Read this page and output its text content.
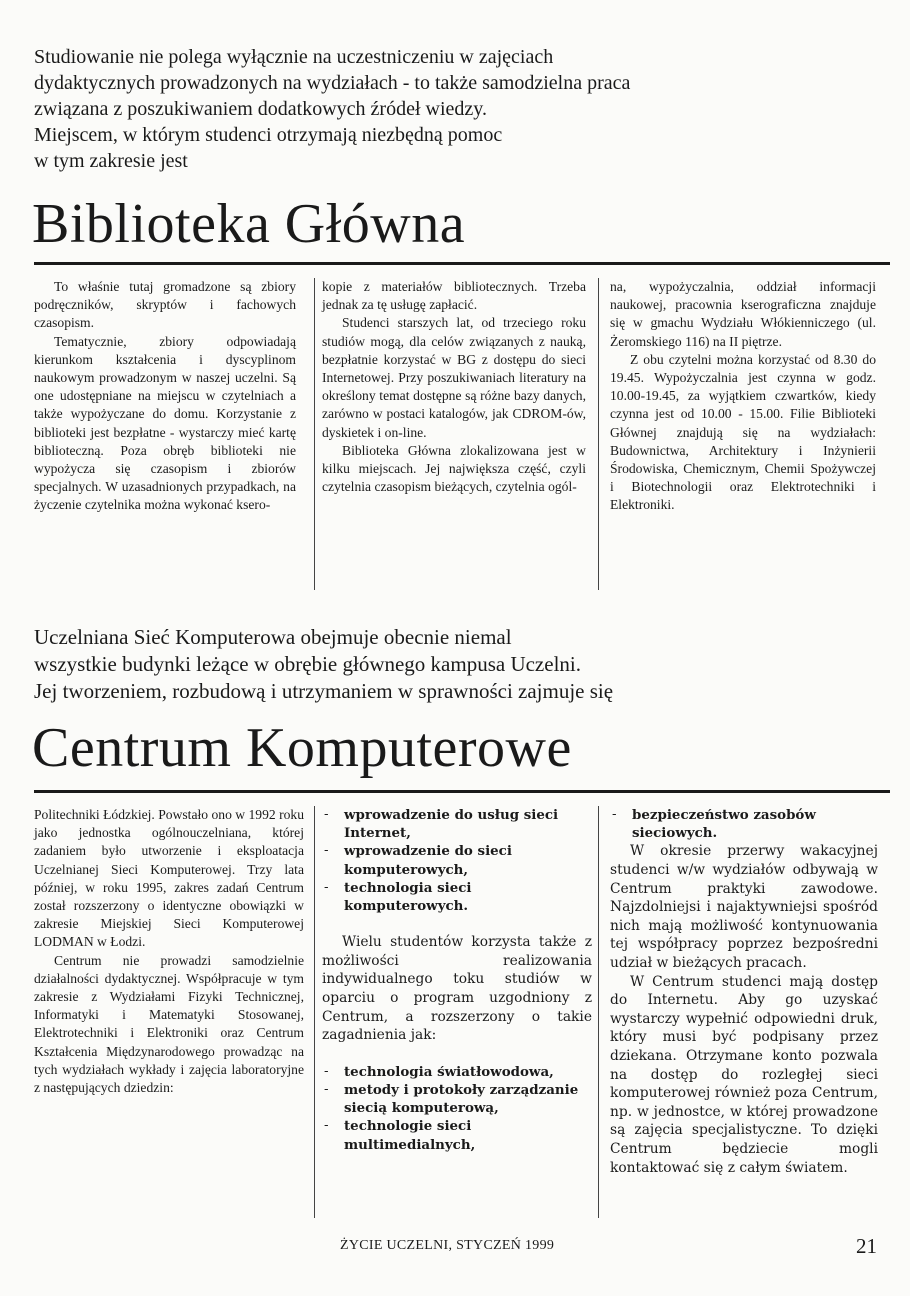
Studiowanie nie polega wyłącznie na uczestniczeniu w zajęciach
dydaktycznych prowadzonych na wydziałach - to także samodzielna praca
związana z poszukiwaniem dodatkowych źródeł wiedzy.
Miejscem, w którym studenci otrzymają niezbędną pomoc
w tym zakresie jest
Biblioteka Główna

To właśnie tutaj gromadzone są zbiory podręczników, skryptów i fachowych czasopism.

Tematycznie, zbiory odpowiadają kierunkom kształcenia i dyscyplinom naukowym prowadzonym w naszej uczelni. Są one udostępniane na miejscu w czytelniach a także wypożyczane do domu. Korzystanie z biblioteki jest bezpłatne - wystarczy mieć kartę biblioteczną. Poza obręb biblioteki nie wypożycza się czasopism i zbiorów specjalnych. W uzasadnionych przypadkach, na życzenie czytelnika można wykonać ksero-

kopie z materiałów bibliotecznych. Trzeba jednak za tę usługę zapłacić.

Studenci starszych lat, od trzeciego roku studiów mogą, dla celów związanych z nauką, bezpłatnie korzystać w BG z dostępu do sieci Internetowej. Przy poszukiwaniach literatury na określony temat dostępne są różne bazy danych, zarówno w postaci katalogów, jak CDROM-ów, dyskietek i on-line.

Biblioteka Główna zlokalizowana jest w kilku miejscach. Jej największa część, czyli czytelnia czasopism bieżących, czytelnia ogól-

na, wypożyczalnia, oddział informacji naukowej, pracownia kserograficzna znajduje się w gmachu Wydziału Włókienniczego (ul. Żeromskiego 116) na II piętrze.

Z obu czytelni można korzystać od 8.30 do 19.45. Wypożyczalnia jest czynna w godz. 10.00-19.45, za wyjątkiem czwartków, kiedy czynna jest od 10.00 - 15.00. Filie Biblioteki Głównej znajdują się na wydziałach: Budownictwa, Architektury i Inżynierii Środowiska, Chemicznym, Chemii Spożywczej i Biotechnologii oraz Elektrotechniki i Elektroniki.

Uczelniana Sieć Komputerowa obejmuje obecnie niemal
wszystkie budynki leżące w obrębie głównego kampusa Uczelni.
Jej tworzeniem, rozbudową i utrzymaniem w sprawności zajmuje się
Centrum Komputerowe

Politechniki Łódzkiej. Powstało ono w 1992 roku jako jednostka ogólnouczelniana, której zadaniem było utworzenie i eksploatacja Uczelnianej Sieci Komputerowej. Trzy lata później, w roku 1995, zakres zadań Centrum został rozszerzony o identyczne obowiązki w zakresie Miejskiej Sieci Komputerowej LODMAN w Łodzi.

Centrum nie prowadzi samodzielnie działalności dydaktycznej. Współpracuje w tym zakresie z Wydziałami Fizyki Technicznej, Informatyki i Matematyki Stosowanej, Elektrotechniki i Elektroniki oraz Centrum Kształcenia Międzynarodowego prowadząc na tych wydziałach wykłady i zajęcia laboratoryjne z następujących dziedzin:

- wprowadzenie do usług sieci Internet,
- wprowadzenie do sieci komputerowych,
- technologia sieci komputerowych.

Wielu studentów korzysta także z możliwości realizowania indywidualnego toku studiów w oparciu o program uzgodniony z Centrum, a rozszerzony o takie zagadnienia jak:

- technologia światłowodowa,
- metody i protokoły zarządzanie siecią komputerową,
- technologie sieci multimedialnych,
- bezpieczeństwo zasobów sieciowych.

W okresie przerwy wakacyjnej studenci w/w wydziałów odbywają w Centrum praktyki zawodowe. Najzdolniejsi i najaktywniejsi spośród nich mają możliwość kontynuowania tej współpracy poprzez bezpośredni udział w bieżących pracach.

W Centrum studenci mają dostęp do Internetu. Aby go uzyskać wystarczy wypełnić odpowiedni druk, który musi być podpisany przez dziekana. Otrzymane konto pozwala na dostęp do rozległej sieci komputerowej również poza Centrum, np. w jednostce, w której prowadzone są zajęcia specjalistyczne. To dzięki Centrum będziecie mogli kontaktować się z całym światem.

ŻYCIE UCZELNI, STYCZEŃ 1999	21
